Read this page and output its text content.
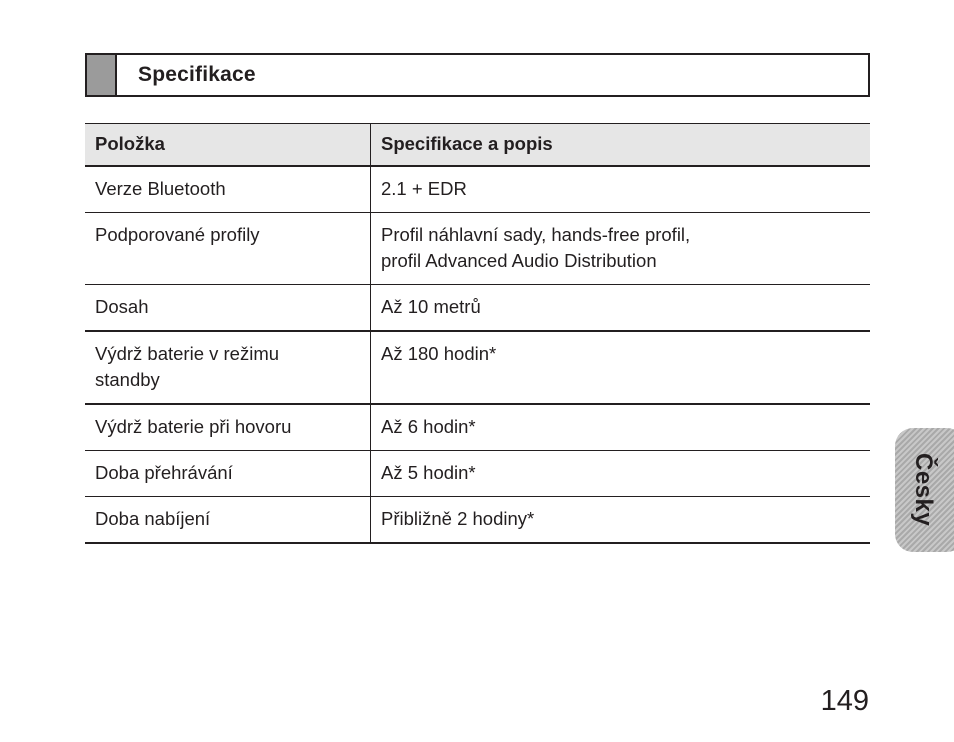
Specifikace
Položka	Specifikace a popis
Verze Bluetooth	2.1 + EDR
Podporované profily	Profil náhlavní sady, hands-free profil,
profil Advanced Audio Distribution

Dosah	Až 10 metrů

Výdrž baterie v režimu
standby	Až 180 hodin*
Výdrž baterie při hovoru	Až 6 hodin*
Doba přehrávání	Až 5 hodin*
Doba nabíjení	Přibližně 2 hodiny*	Česky
149
